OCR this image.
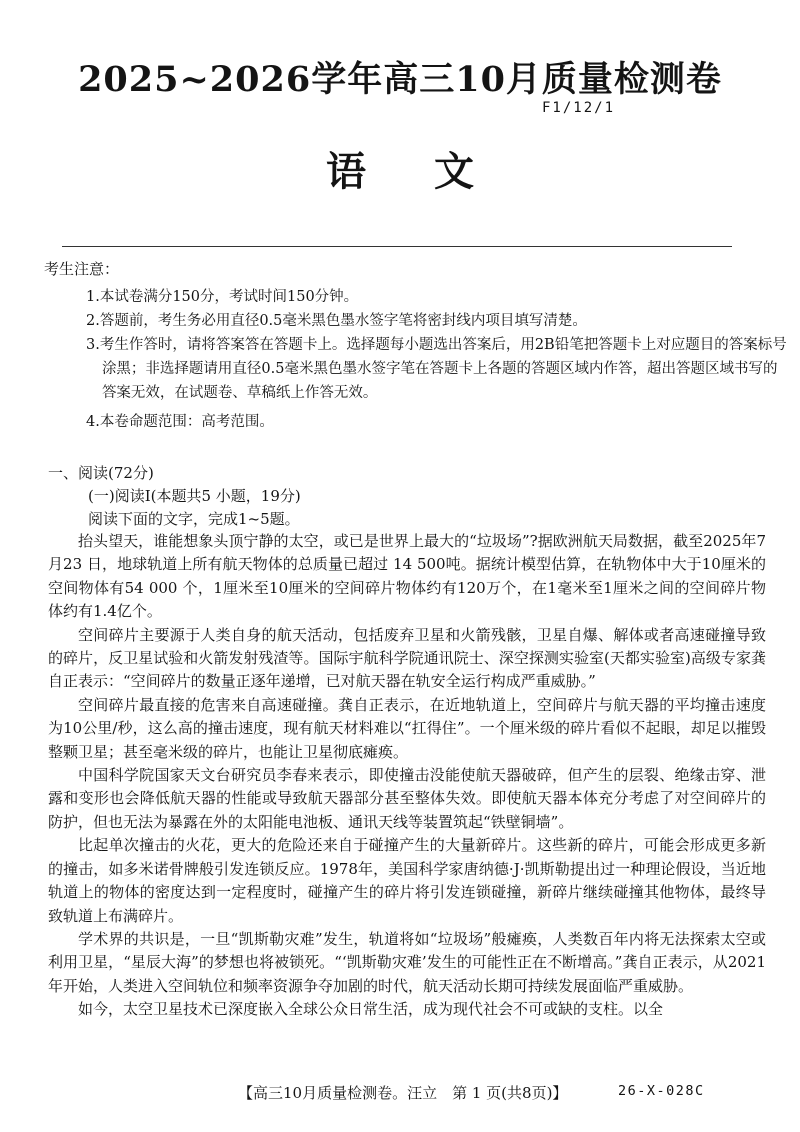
2025~2026学年高三10月质量检测卷
F1/12/1
语文
考生注意：
1.本试卷满分150分，考试时间150分钟。
2.答题前，考生务必用直径0.5毫米黑色墨水签字笔将密封线内项目填写清楚。
3.考生作答时，请将答案答在答题卡上。选择题每小题选出答案后，用2B铅笔把答题卡上对应题目的答案标号涂黑；非选择题请用直径0.5毫米黑色墨水签字笔在答题卡上各题的答题区域内作答，超出答题区域书写的答案无效，在试题卷、草稿纸上作答无效。
4.本卷命题范围：高考范围。
一、阅读(72分)
(一)阅读Ⅰ(本题共5 小题，19分)
阅读下面的文字，完成1~5题。

抬头望天，谁能想象头顶宁静的太空，或已是世界上最大的“垃圾场”?据欧洲航天局数据，截至2025年7月23 日，地球轨道上所有航天物体的总质量已超过 14 500吨。据统计模型估算，在轨物体中大于10厘米的空间物体有54 000 个，1厘米至10厘米的空间碎片物体约有120万个，在1毫米至1厘米之间的空间碎片物体约有1.4亿个。

空间碎片主要源于人类自身的航天活动，包括废弃卫星和火箭残骸，卫星自爆、解体或者高速碰撞导致的碎片，反卫星试验和火箭发射残渣等。国际宇航科学院通讯院士、深空探测实验室(天都实验室)高级专家龚自正表示：“空间碎片的数量正逐年递增，已对航天器在轨安全运行构成严重威胁。”

空间碎片最直接的危害来自高速碰撞。龚自正表示，在近地轨道上，空间碎片与航天器的平均撞击速度为10公里/秒，这么高的撞击速度，现有航天材料难以“扛得住”。一个厘米级的碎片看似不起眼，却足以摧毁整颗卫星；甚至毫米级的碎片，也能让卫星彻底瘫痪。

中国科学院国家天文台研究员李春来表示，即使撞击没能使航天器破碎，但产生的层裂、绝缘击穿、泄露和变形也会降低航天器的性能或导致航天器部分甚至整体失效。即使航天器本体充分考虑了对空间碎片的防护，但也无法为暴露在外的太阳能电池板、通讯天线等装置筑起“铁壁铜墙”。

比起单次撞击的火花，更大的危险还来自于碰撞产生的大量新碎片。这些新的碎片，可能会形成更多新的撞击，如多米诺骨牌般引发连锁反应。1978年，美国科学家唐纳德·J·凯斯勒提出过一种理论假设，当近地轨道上的物体的密度达到一定程度时，碰撞产生的碎片将引发连锁碰撞，新碎片继续碰撞其他物体，最终导致轨道上布满碎片。

学术界的共识是，一旦“凯斯勒灾难”发生，轨道将如“垃圾场”般瘫痪，人类数百年内将无法探索太空或利用卫星，“星辰大海”的梦想也将被锁死。“‘凯斯勒灾难’发生的可能性正在不断增高。”龚自正表示，从2021年开始，人类进入空间轨位和频率资源争夺加剧的时代，航天活动长期可持续发展面临严重威胁。

如今，太空卫星技术已深度嵌入全球公众日常生活，成为现代社会不可或缺的支柱。以全

【高三10月质量检测卷。汪立　第 1 页(共8页)】	26-X-028C
